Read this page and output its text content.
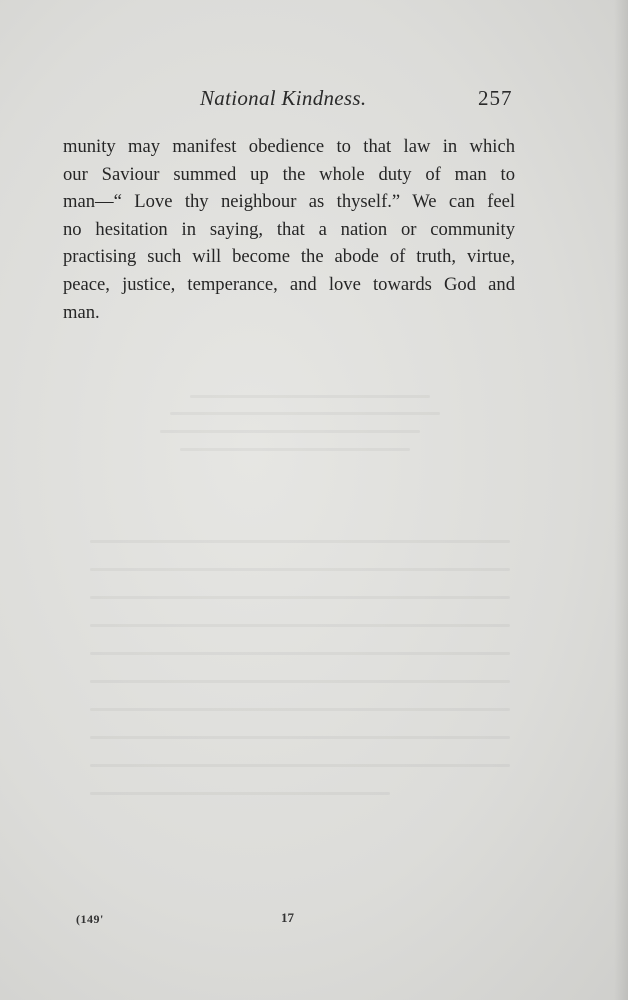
National Kindness.	257
munity may manifest obedience to that law in which
our Saviour summed up the whole duty of man to
man—“ Love thy neighbour as thyself.” We can feel
no hesitation in saying, that a nation or community
practising such will become the abode of truth, virtue,
peace, justice, temperance, and love towards God and
man.
(149'	17
